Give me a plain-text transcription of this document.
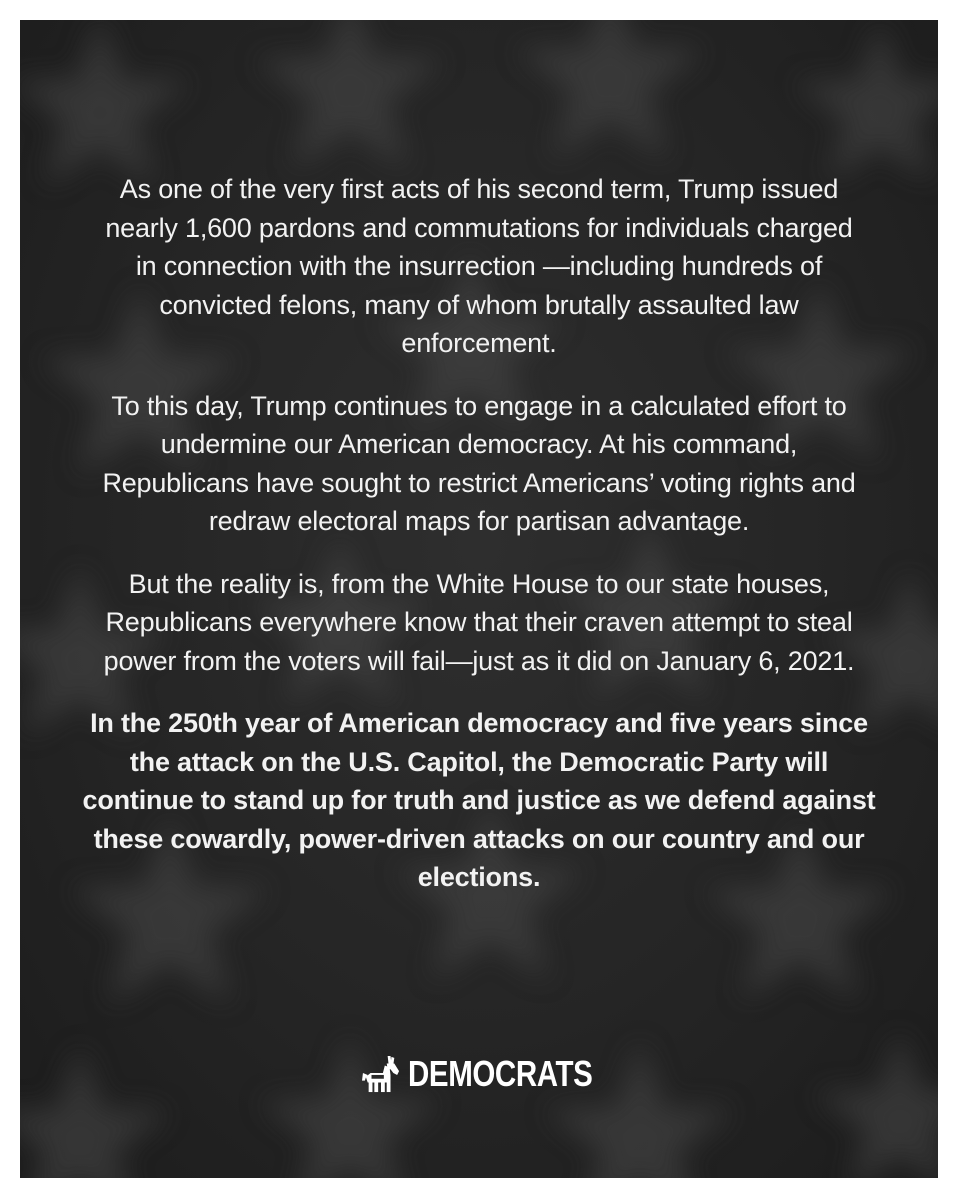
As one of the very first acts of his second term, Trump issued nearly 1,600 pardons and commutations for individuals charged in connection with the insurrection —including hundreds of convicted felons, many of whom brutally assaulted law enforcement.

To this day, Trump continues to engage in a calculated effort to undermine our American democracy. At his command, Republicans have sought to restrict Americans’ voting rights and redraw electoral maps for partisan advantage.

But the reality is, from the White House to our state houses, Republicans everywhere know that their craven attempt to steal power from the voters will fail—just as it did on January 6, 2021.

In the 250th year of American democracy and five years since the attack on the U.S. Capitol, the Democratic Party will continue to stand up for truth and justice as we defend against these cowardly, power-driven attacks on our country and our elections.

DEMOCRATS
